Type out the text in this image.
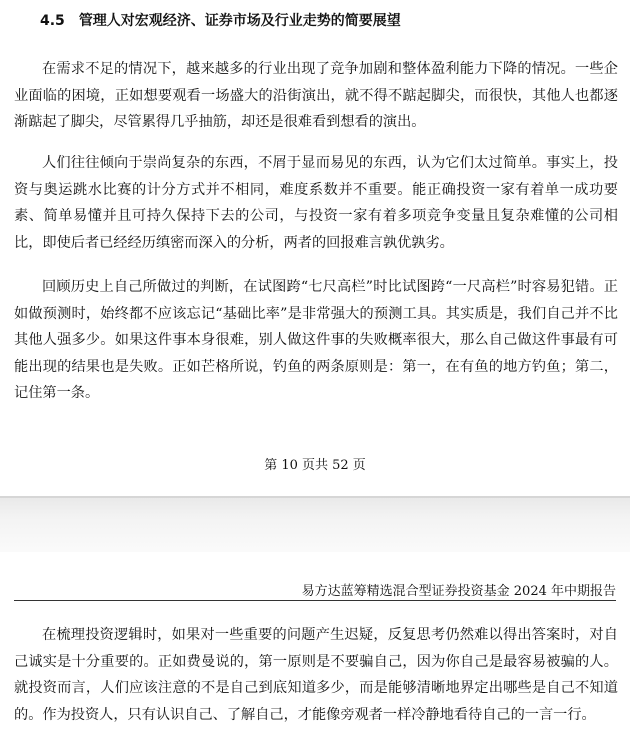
4.5 管理人对宏观经济、证券市场及行业走势的简要展望

在需求不足的情况下，越来越多的行业出现了竞争加剧和整体盈利能力下降的情况。一些企业面临的困境，正如想要观看一场盛大的沿街演出，就不得不踮起脚尖，而很快，其他人也都逐渐踮起了脚尖，尽管累得几乎抽筋，却还是很难看到想看的演出。

人们往往倾向于崇尚复杂的东西，不屑于显而易见的东西，认为它们太过简单。事实上，投资与奥运跳水比赛的计分方式并不相同，难度系数并不重要。能正确投资一家有着单一成功要素、简单易懂并且可持久保持下去的公司，与投资一家有着多项竞争变量且复杂难懂的公司相比，即使后者已经经历缜密而深入的分析，两者的回报难言孰优孰劣。

回顾历史上自己所做过的判断，在试图跨“七尺高栏”时比试图跨“一尺高栏”时容易犯错。正如做预测时，始终都不应该忘记“基础比率”是非常强大的预测工具。其实质是，我们自己并不比其他人强多少。如果这件事本身很难，别人做这件事的失败概率很大，那么自己做这件事最有可能出现的结果也是失败。正如芒格所说，钓鱼的两条原则是：第一，在有鱼的地方钓鱼；第二，记住第一条。

第 10 页共 52 页
易方达蓝筹精选混合型证券投资基金 2024 年中期报告

在梳理投资逻辑时，如果对一些重要的问题产生迟疑，反复思考仍然难以得出答案时，对自己诚实是十分重要的。正如费曼说的，第一原则是不要骗自己，因为你自己是最容易被骗的人。就投资而言，人们应该注意的不是自己到底知道多少，而是能够清晰地界定出哪些是自己不知道的。作为投资人，只有认识自己、了解自己，才能像旁观者一样冷静地看待自己的一言一行。
